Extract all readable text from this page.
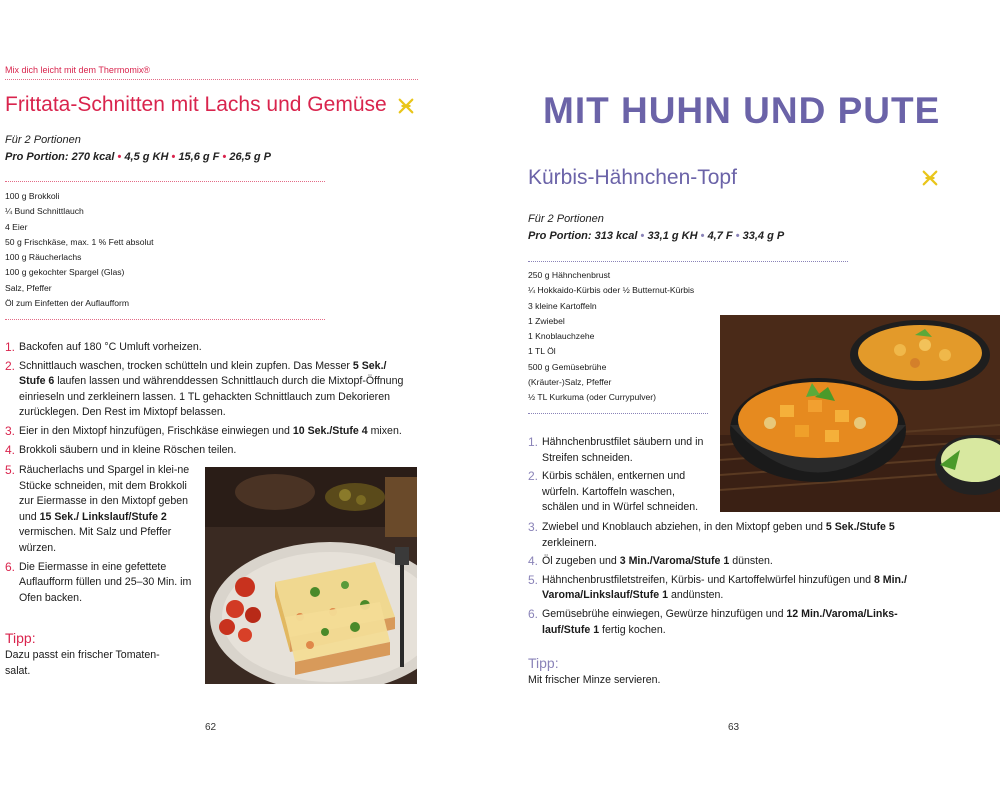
Mix dich leicht mit dem Thermomix®
Frittata-Schnitten mit Lachs und Gemüse
Für 2 Portionen
Pro Portion: 270 kcal • 4,5 g KH • 15,6 g F • 26,5 g P
100 g Brokkoli
¼ Bund Schnittlauch
4 Eier
50 g Frischkäse, max. 1 % Fett absolut
100 g Räucherlachs
100 g gekochter Spargel (Glas)
Salz, Pfeffer
Öl zum Einfetten der Auflaufform
1. Backofen auf 180 °C Umluft vorheizen.
2. Schnittlauch waschen, trocken schütteln und klein zupfen. Das Messer 5 Sek./ Stufe 6 laufen lassen und währenddessen Schnittlauch durch die Mixtopf-Öffnung einrieseln und zerkleinern lassen. 1 TL gehackten Schnittlauch zum Dekorieren zurücklegen. Den Rest im Mixtopf belassen.
3. Eier in den Mixtopf hinzufügen, Frischkäse einwiegen und 10 Sek./Stufe 4 mixen.
4. Brokkoli säubern und in kleine Röschen teilen.
5. Räucherlachs und Spargel in klei-ne Stücke schneiden, mit dem Brokkoli zur Eiermasse in den Mixtopf geben und 15 Sek./ Linkslauf/Stufe 2 vermischen. Mit Salz und Pfeffer würzen.
6. Die Eiermasse in eine gefettete Auflaufform füllen und 25–30 Min. im Ofen backen.
Tipp:
Dazu passt ein frischer Tomaten-salat.
62
MIT HUHN UND PUTE
Kürbis-Hähnchen-Topf
Für 2 Portionen
Pro Portion: 313 kcal • 33,1 g KH • 4,7 F • 33,4 g P
250 g Hähnchenbrust
¼ Hokkaido-Kürbis oder ½ Butternut-Kürbis
3 kleine Kartoffeln
1 Zwiebel
1 Knoblauchzehe
1 TL Öl
500 g Gemüsebrühe
(Kräuter-)Salz, Pfeffer
½ TL Kurkuma (oder Currypulver)
1. Hähnchenbrustfilet säubern und in Streifen schneiden.
2. Kürbis schälen, entkernen und würfeln. Kartoffeln waschen, schälen und in Würfel schneiden.
3. Zwiebel und Knoblauch abziehen, in den Mixtopf geben und 5 Sek./Stufe 5 zerkleinern.
4. Öl zugeben und 3 Min./Varoma/Stufe 1 dünsten.
5. Hähnchenbrustfiletstreifen, Kürbis- und Kartoffelwürfel hinzufügen und 8 Min./ Varoma/Linkslauf/Stufe 1 andünsten.
6. Gemüsebrühe einwiegen, Gewürze hinzufügen und 12 Min./Varoma/Links-lauf/Stufe 1 fertig kochen.
Tipp:
Mit frischer Minze servieren.
63
